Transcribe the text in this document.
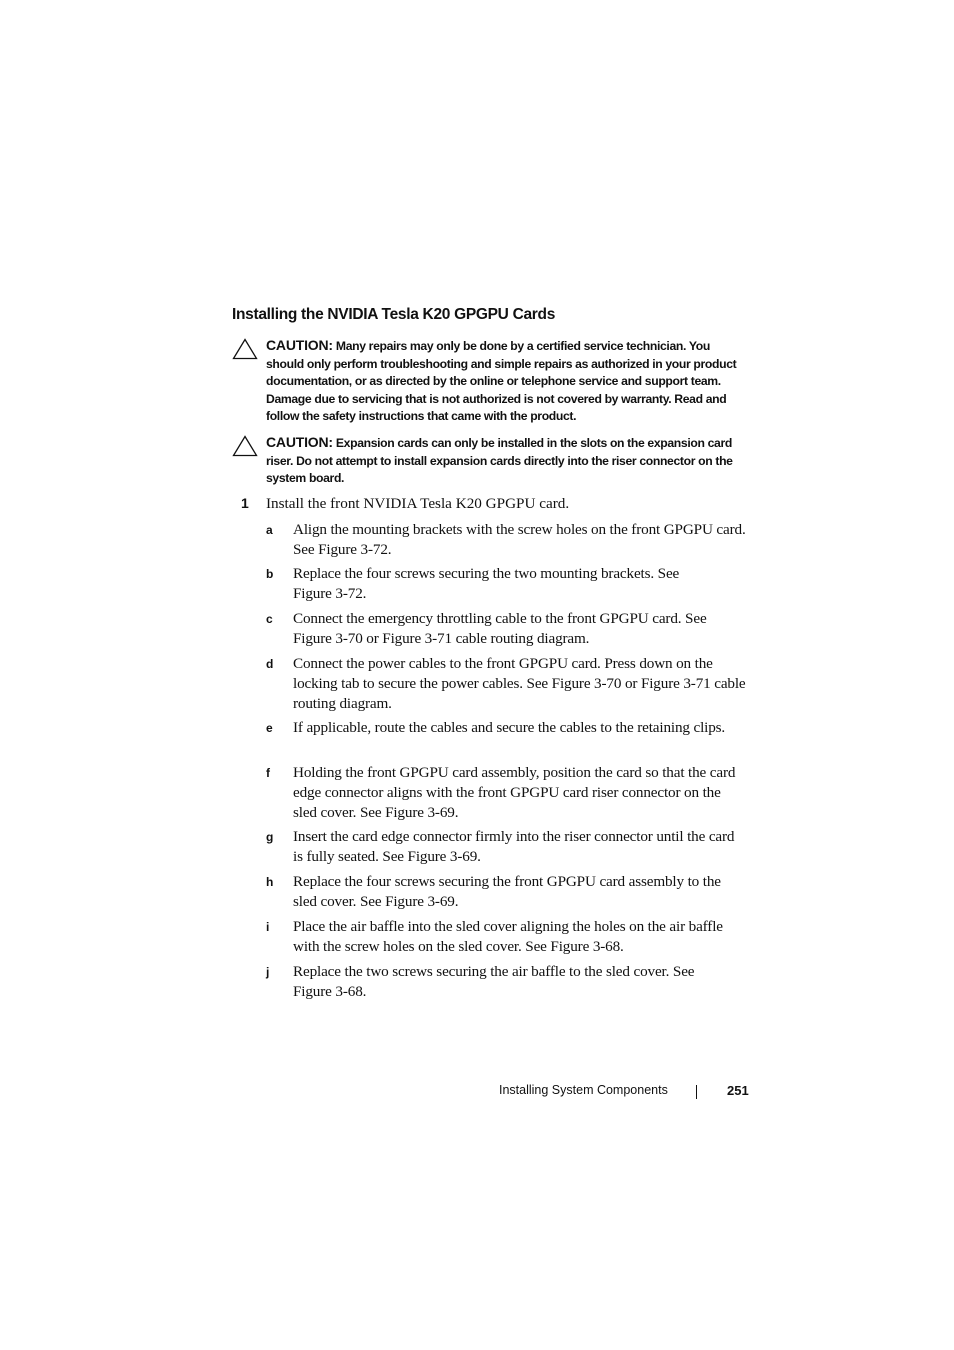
Installing the NVIDIA Tesla K20 GPGPU Cards
CAUTION: Many repairs may only be done by a certified service technician. You should only perform troubleshooting and simple repairs as authorized in your product documentation, or as directed by the online or telephone service and support team. Damage due to servicing that is not authorized is not covered by warranty. Read and follow the safety instructions that came with the product.
CAUTION: Expansion cards can only be installed in the slots on the expansion card riser. Do not attempt to install expansion cards directly into the riser connector on the system board.
1 Install the front NVIDIA Tesla K20 GPGPU card.
a Align the mounting brackets with the screw holes on the front GPGPU card. See Figure 3-72.
b Replace the four screws securing the two mounting brackets. See Figure 3-72.
c Connect the emergency throttling cable to the front GPGPU card. See Figure 3-70 or Figure 3-71 cable routing diagram.
d Connect the power cables to the front GPGPU card. Press down on the locking tab to secure the power cables. See Figure 3-70 or Figure 3-71 cable routing diagram.
e If applicable, route the cables and secure the cables to the retaining clips.
f Holding the front GPGPU card assembly, position the card so that the card edge connector aligns with the front GPGPU card riser connector on the sled cover. See Figure 3-69.
g Insert the card edge connector firmly into the riser connector until the card is fully seated. See Figure 3-69.
h Replace the four screws securing the front GPGPU card assembly to the sled cover. See Figure 3-69.
i Place the air baffle into the sled cover aligning the holes on the air baffle with the screw holes on the sled cover. See Figure 3-68.
j Replace the two screws securing the air baffle to the sled cover. See Figure 3-68.
Installing System Components	251
